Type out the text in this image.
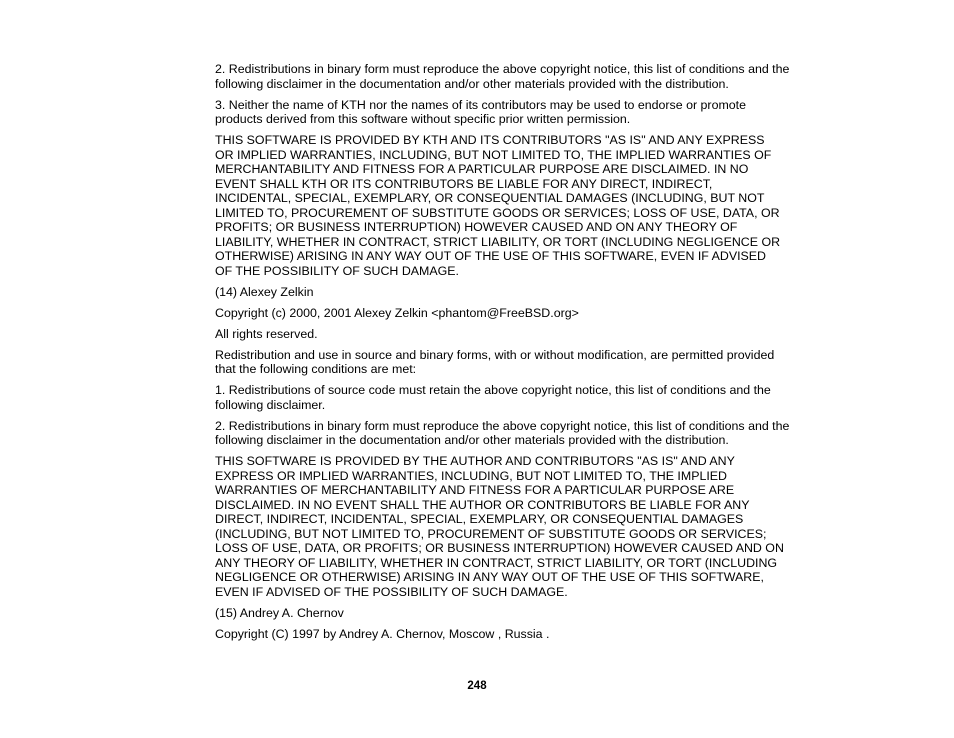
2. Redistributions in binary form must reproduce the above copyright notice, this list of conditions and the
following disclaimer in the documentation and/or other materials provided with the distribution.

3. Neither the name of KTH nor the names of its contributors may be used to endorse or promote
products derived from this software without specific prior written permission.

THIS SOFTWARE IS PROVIDED BY KTH AND ITS CONTRIBUTORS "AS IS" AND ANY EXPRESS
OR IMPLIED WARRANTIES, INCLUDING, BUT NOT LIMITED TO, THE IMPLIED WARRANTIES OF
MERCHANTABILITY AND FITNESS FOR A PARTICULAR PURPOSE ARE DISCLAIMED. IN NO
EVENT SHALL KTH OR ITS CONTRIBUTORS BE LIABLE FOR ANY DIRECT, INDIRECT,
INCIDENTAL, SPECIAL, EXEMPLARY, OR CONSEQUENTIAL DAMAGES (INCLUDING, BUT NOT
LIMITED TO, PROCUREMENT OF SUBSTITUTE GOODS OR SERVICES; LOSS OF USE, DATA, OR
PROFITS; OR BUSINESS INTERRUPTION) HOWEVER CAUSED AND ON ANY THEORY OF
LIABILITY, WHETHER IN CONTRACT, STRICT LIABILITY, OR TORT (INCLUDING NEGLIGENCE OR
OTHERWISE) ARISING IN ANY WAY OUT OF THE USE OF THIS SOFTWARE, EVEN IF ADVISED
OF THE POSSIBILITY OF SUCH DAMAGE.

(14) Alexey Zelkin

Copyright (c) 2000, 2001 Alexey Zelkin <phantom@FreeBSD.org>

All rights reserved.

Redistribution and use in source and binary forms, with or without modification, are permitted provided
that the following conditions are met:

1. Redistributions of source code must retain the above copyright notice, this list of conditions and the
following disclaimer.

2. Redistributions in binary form must reproduce the above copyright notice, this list of conditions and the
following disclaimer in the documentation and/or other materials provided with the distribution.

THIS SOFTWARE IS PROVIDED BY THE AUTHOR AND CONTRIBUTORS "AS IS" AND ANY
EXPRESS OR IMPLIED WARRANTIES, INCLUDING, BUT NOT LIMITED TO, THE IMPLIED
WARRANTIES OF MERCHANTABILITY AND FITNESS FOR A PARTICULAR PURPOSE ARE
DISCLAIMED. IN NO EVENT SHALL THE AUTHOR OR CONTRIBUTORS BE LIABLE FOR ANY
DIRECT, INDIRECT, INCIDENTAL, SPECIAL, EXEMPLARY, OR CONSEQUENTIAL DAMAGES
(INCLUDING, BUT NOT LIMITED TO, PROCUREMENT OF SUBSTITUTE GOODS OR SERVICES;
LOSS OF USE, DATA, OR PROFITS; OR BUSINESS INTERRUPTION) HOWEVER CAUSED AND ON
ANY THEORY OF LIABILITY, WHETHER IN CONTRACT, STRICT LIABILITY, OR TORT (INCLUDING
NEGLIGENCE OR OTHERWISE) ARISING IN ANY WAY OUT OF THE USE OF THIS SOFTWARE,
EVEN IF ADVISED OF THE POSSIBILITY OF SUCH DAMAGE.

(15) Andrey A. Chernov

Copyright (C) 1997 by Andrey A. Chernov, Moscow , Russia .

248
